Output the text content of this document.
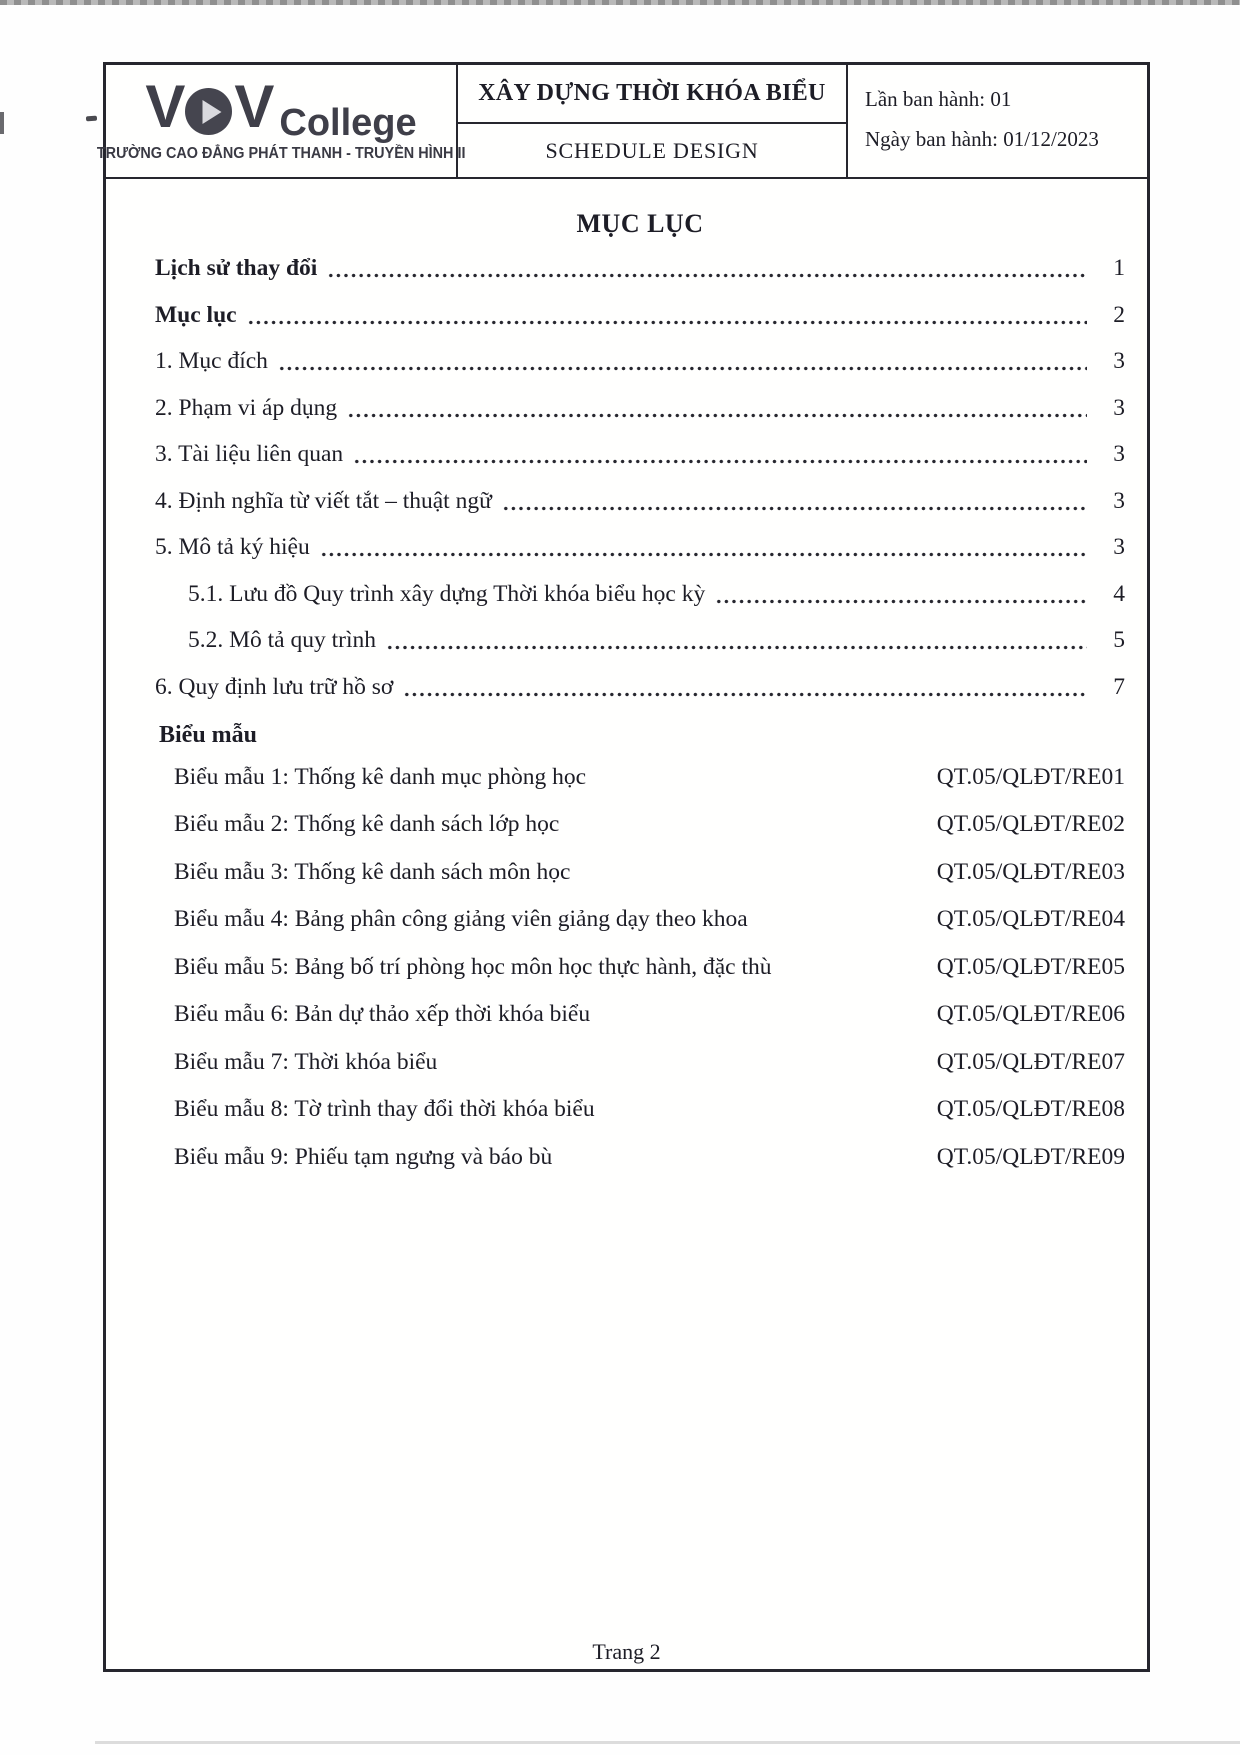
V V College
TRƯỜNG CAO ĐẲNG PHÁT THANH - TRUYỀN HÌNH II
XÂY DỰNG THỜI KHÓA BIỂU
SCHEDULE DESIGN
Lần ban hành: 01
Ngày ban hành: 01/12/2023
MỤC LỤC
Lịch sử thay đổi	1
Mục lục	2
1. Mục đích	3
2. Phạm vi áp dụng	3
3. Tài liệu liên quan	3
4. Định nghĩa từ viết tắt – thuật ngữ	3
5. Mô tả ký hiệu	3
5.1. Lưu đồ Quy trình xây dựng Thời khóa biểu học kỳ	4
5.2. Mô tả quy trình	5
6. Quy định lưu trữ hồ sơ	7
Biểu mẫu
Biểu mẫu 1: Thống kê danh mục phòng học	QT.05/QLĐT/RE01
Biểu mẫu 2: Thống kê danh sách lớp học	QT.05/QLĐT/RE02
Biểu mẫu 3: Thống kê danh sách môn học	QT.05/QLĐT/RE03
Biểu mẫu 4: Bảng phân công giảng viên giảng dạy theo khoa	QT.05/QLĐT/RE04
Biểu mẫu 5: Bảng bố trí phòng học môn học thực hành, đặc thù	QT.05/QLĐT/RE05
Biểu mẫu 6: Bản dự thảo xếp thời khóa biểu	QT.05/QLĐT/RE06
Biểu mẫu 7: Thời khóa biểu	QT.05/QLĐT/RE07
Biểu mẫu 8: Tờ trình thay đổi thời khóa biểu	QT.05/QLĐT/RE08
Biểu mẫu 9: Phiếu tạm ngưng và báo bù	QT.05/QLĐT/RE09
Trang 2
